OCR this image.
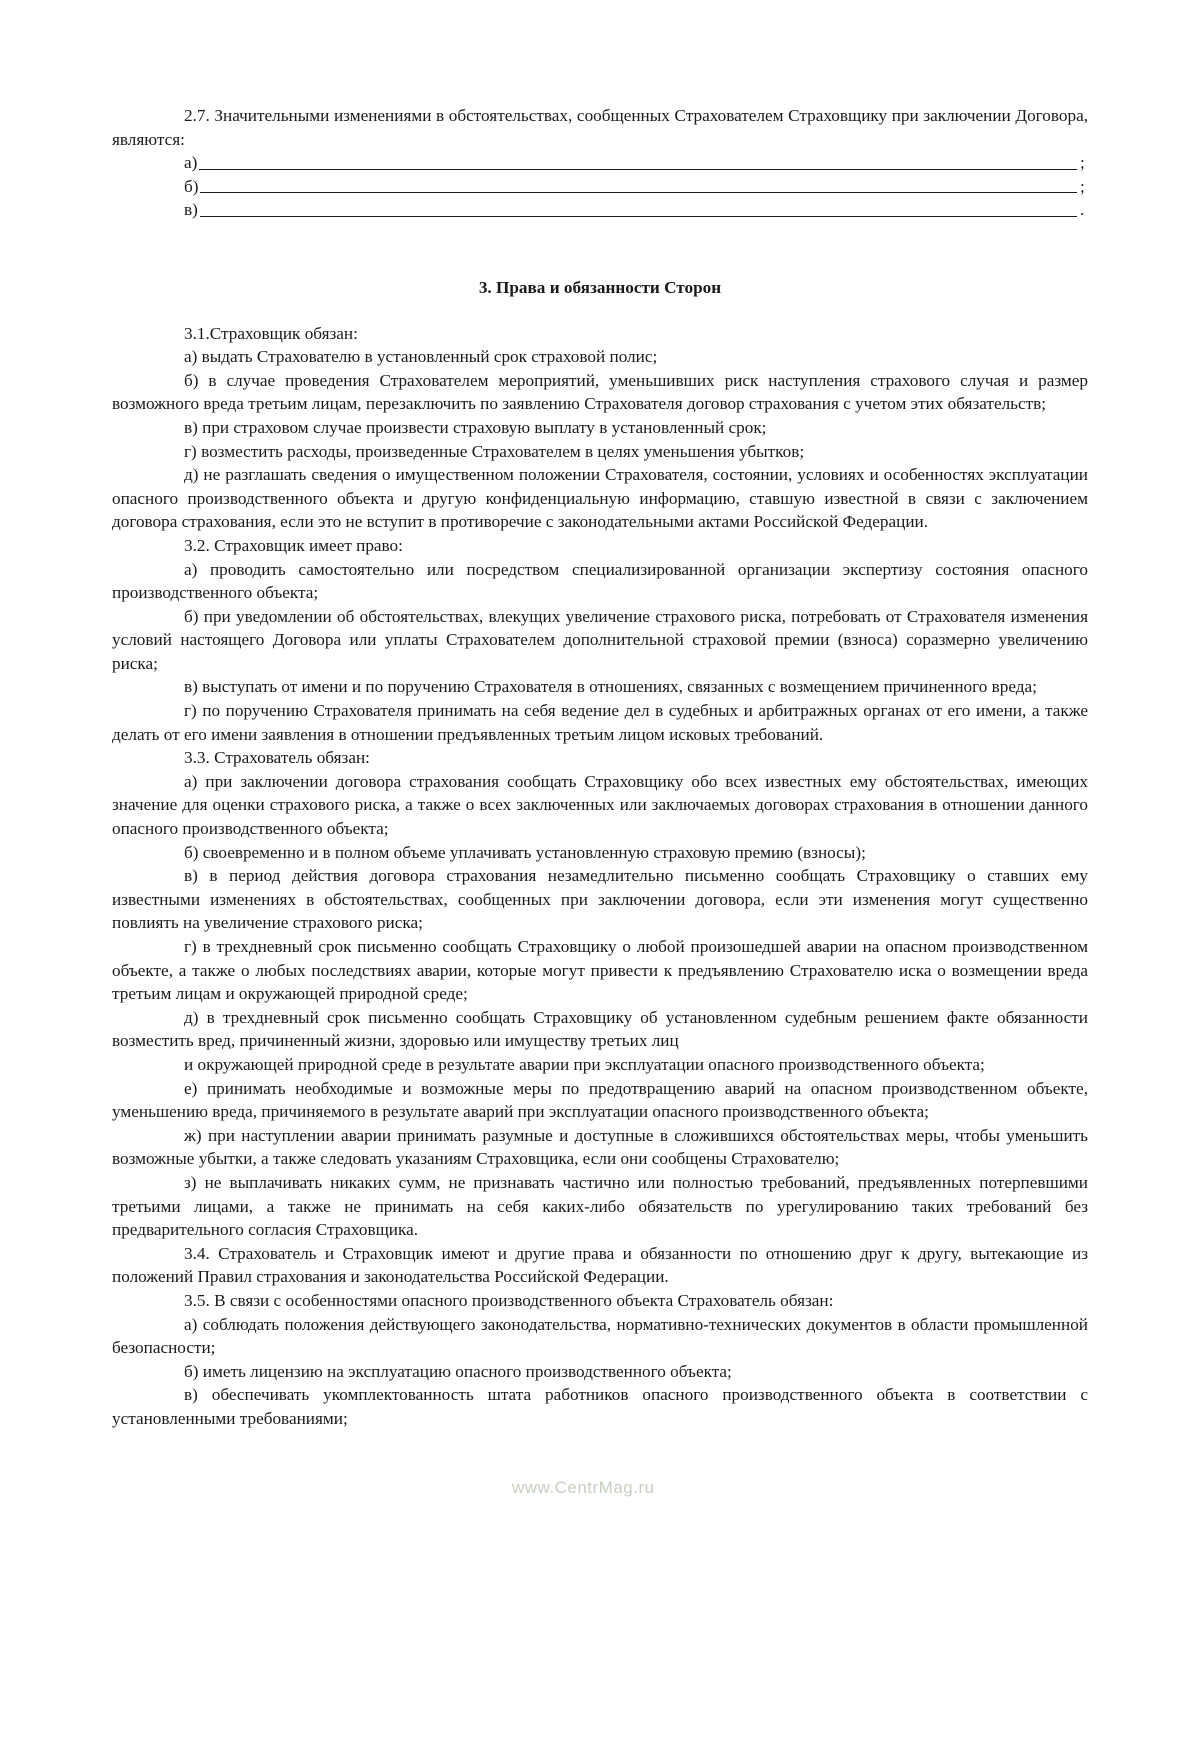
2.7. Значительными изменениями в обстоятельствах, сообщенных Страхователем Страховщику при заключении Договора, являются:

а)	;
б)	;
в)	.
3. Права и обязанности Сторон

3.1.Страховщик обязан:

а) выдать Страхователю в установленный срок страховой полис;

б) в случае проведения Страхователем мероприятий, уменьшивших риск наступления страхового случая и размер возможного вреда третьим лицам, перезаключить по заявлению Страхователя договор страхования с учетом этих обязательств;

в) при страховом случае произвести страховую выплату в установленный срок;

г) возместить расходы, произведенные Страхователем в целях уменьшения убытков;

д) не разглашать сведения о имущественном положении Страхователя, состоянии, условиях и особенностях эксплуатации опасного производственного объекта и другую конфиденциальную информацию, ставшую известной в связи с заключением договора страхования, если это не вступит в противоречие с законодательными актами Российской Федерации.

3.2. Страховщик имеет право:

а) проводить самостоятельно или посредством специализированной организации экспертизу состояния опасного производственного объекта;

б) при уведомлении об обстоятельствах, влекущих увеличение страхового риска, потребовать от Страхователя изменения условий настоящего Договора или уплаты Страхователем дополнительной страховой премии (взноса) соразмерно увеличению риска;

в) выступать от имени и по поручению Страхователя в отношениях, связанных с возмещением причиненного вреда;

г) по поручению Страхователя принимать на себя ведение дел в судебных и арбитражных органах от его имени, а также делать от его имени заявления в отношении предъявленных третьим лицом исковых требований.

3.3. Страхователь обязан:

а) при заключении договора страхования сообщать Страховщику обо всех известных ему обстоятельствах, имеющих значение для оценки страхового риска, а также о всех заключенных или заключаемых договорах страхования в отношении данного опасного производственного объекта;

б) своевременно и в полном объеме уплачивать установленную страховую премию (взносы);

в) в период действия договора страхования незамедлительно письменно сообщать Страховщику о ставших ему известными изменениях в обстоятельствах, сообщенных при заключении договора, если эти изменения могут существенно повлиять на увеличение страхового риска;

г) в трехдневный срок письменно сообщать Страховщику о любой произошедшей аварии на опасном производственном объекте, а также о любых последствиях аварии, которые могут привести к предъявлению Страхователю иска о возмещении вреда третьим лицам и окружающей природной среде;

д) в трехдневный срок письменно сообщать Страховщику об установленном судебным решением факте обязанности возместить вред, причиненный жизни, здоровью или имуществу третьих лиц

и окружающей природной среде в результате аварии при эксплуатации опасного производственного объекта;

е) принимать необходимые и возможные меры по предотвращению аварий на опасном производственном объекте, уменьшению вреда, причиняемого в результате аварий при эксплуатации опасного производственного объекта;

ж) при наступлении аварии принимать разумные и доступные в сложившихся обстоятельствах меры, чтобы уменьшить возможные убытки, а также следовать указаниям Страховщика, если они сообщены Страхователю;

з) не выплачивать никаких сумм, не признавать частично или полностью требований, предъявленных потерпевшими третьими лицами, а также не принимать на себя каких-либо обязательств по урегулированию таких требований без предварительного согласия Страховщика.

3.4. Страхователь и Страховщик имеют и другие права и обязанности по отношению друг к другу, вытекающие из положений Правил страхования и законодательства Российской Федерации.

3.5. В связи с особенностями опасного производственного объекта Страхователь обязан:

а) соблюдать положения действующего законодательства, нормативно-технических документов в области промышленной безопасности;

б) иметь лицензию на эксплуатацию опасного производственного объекта;

в) обеспечивать укомплектованность штата работников опасного производственного объекта в соответствии с установленными требованиями;

www.CentrMag.ru
